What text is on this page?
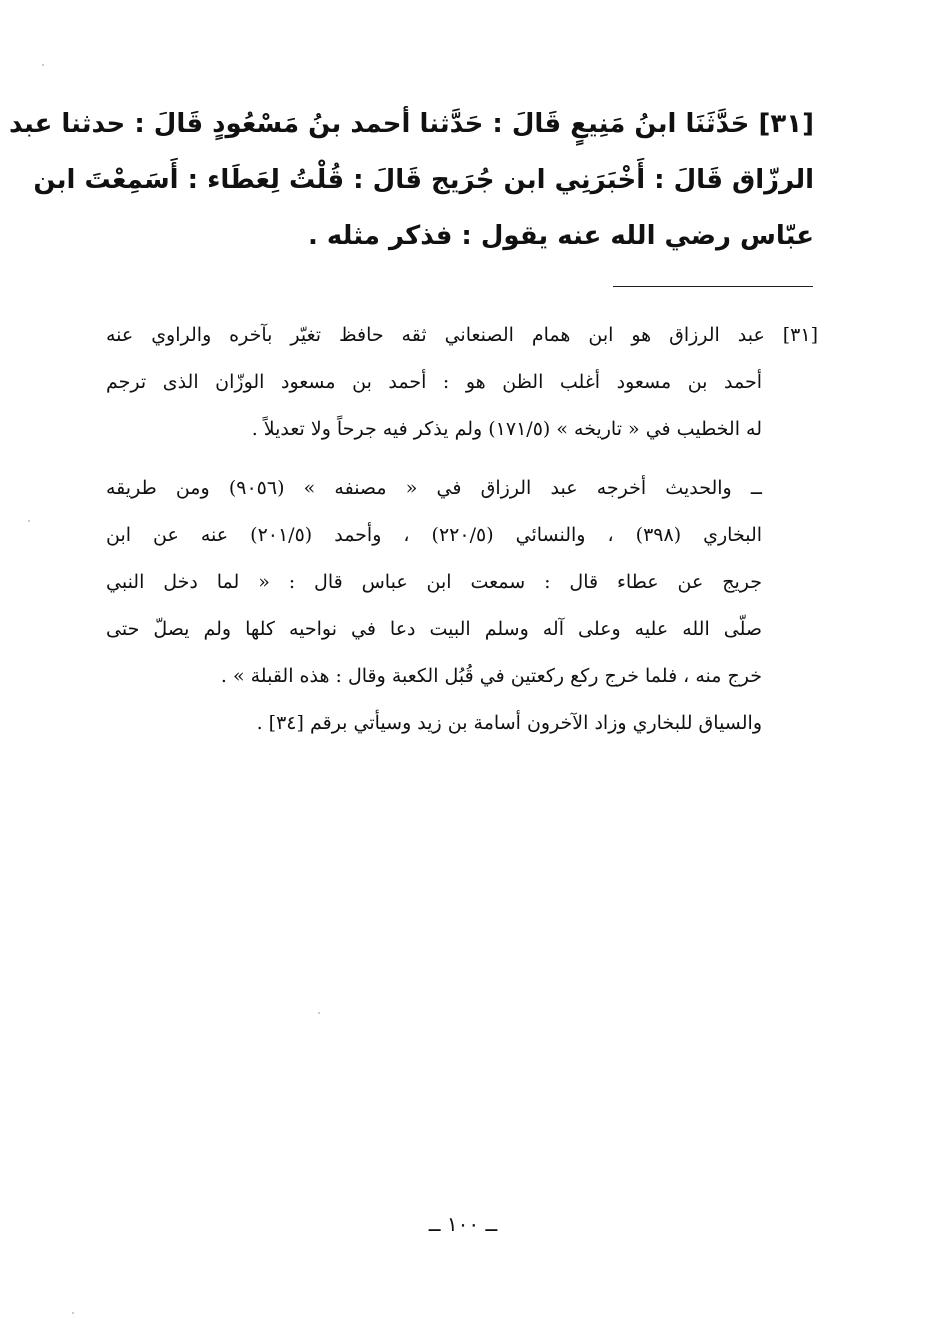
[٣١] حَدَّثَنَا ابنُ مَنِيعٍ قَالَ : حَدَّثنا أحمد بنُ مَسْعُودٍ قَالَ : حدثنا عبد
الرزّاق قَالَ : أَخْبَرَنِي ابن جُرَيج قَالَ : قُلْتُ لِعَطَاء : أَسَمِعْتَ ابن
عبّاس رضي الله عنه يقول : فذكر مثله .
[٣١] عبد الرزاق هو ابن همام الصنعاني ثقه حافظ تغيّر بآخره والراوي عنه
أحمد بن مسعود أغلب الظن هو : أحمد بن مسعود الوزّان الذى ترجم
له الخطيب في « تاريخه » (١٧١/٥) ولم يذكر فيه جرحاً ولا تعديلاً .
ــ والحديث أخرجه عبد الرزاق في « مصنفه » (٩٠٥٦) ومن طريقه
البخاري (٣٩٨) ، والنسائي (٢٢٠/٥) ، وأحمد (٢٠١/٥) عنه عن ابن
جريج عن عطاء قال : سمعت ابن عباس قال : « لما دخل النبي
صلّى الله عليه وعلى آله وسلم البيت دعا في نواحيه كلها ولم يصلّ حتى
خرج منه ، فلما خرج ركع ركعتين في قُبُل الكعبة وقال : هذه القبلة » .
والسياق للبخاري وزاد الآخرون أسامة بن زيد وسيأتي برقم [٣٤] .
ــ ١٠٠ ــ
